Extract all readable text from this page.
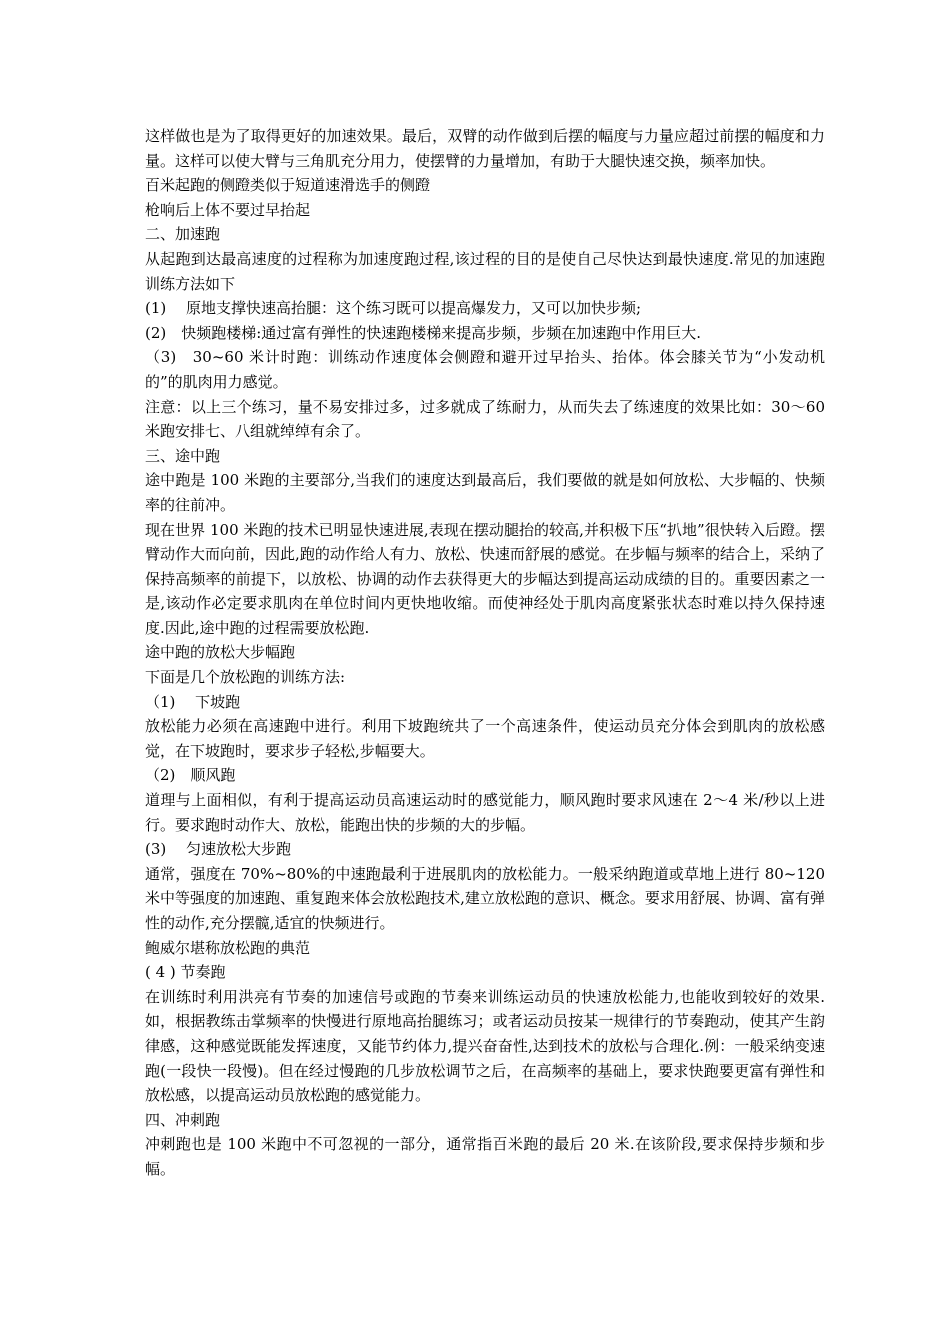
这样做也是为了取得更好的加速效果。最后，双臂的动作做到后摆的幅度与力量应超过前摆的幅度和力量。这样可以使大臂与三角肌充分用力，使摆臂的力量增加，有助于大腿快速交换，频率加快。

百米起跑的侧蹬类似于短道速滑选手的侧蹬

枪响后上体不要过早抬起

二、加速跑

从起跑到达最高速度的过程称为加速度跑过程,该过程的目的是使自己尽快达到最快速度.常见的加速跑训练方法如下

(1)　 原地支撑快速高抬腿：这个练习既可以提高爆发力，又可以加快步频;

(2)　快频跑楼梯:通过富有弹性的快速跑楼梯来提高步频，步频在加速跑中作用巨大.

（3)　30~60 米计时跑：训练动作速度体会侧蹬和避开过早抬头、抬体。体会膝关节为“小发动机的”的肌肉用力感觉。

注意：以上三个练习，量不易安排过多，过多就成了练耐力，从而失去了练速度的效果比如：30～60 米跑安排七、八组就绰绰有余了。

三、途中跑

途中跑是 100 米跑的主要部分,当我们的速度达到最高后，我们要做的就是如何放松、大步幅的、快频率的往前冲。

现在世界 100 米跑的技术已明显快速进展,表现在摆动腿抬的较高,并积极下压“扒地”很快转入后蹬。摆臂动作大而向前，因此,跑的动作给人有力、放松、快速而舒展的感觉。在步幅与频率的结合上，采纳了保持高频率的前提下，以放松、协调的动作去获得更大的步幅达到提高运动成绩的目的。重要因素之一是,该动作必定要求肌肉在单位时间内更快地收缩。而使神经处于肌肉高度紧张状态时难以持久保持速度.因此,途中跑的过程需要放松跑.

途中跑的放松大步幅跑

下面是几个放松跑的训练方法:

（1)　 下坡跑

放松能力必须在高速跑中进行。利用下坡跑统共了一个高速条件，使运动员充分体会到肌肉的放松感觉，在下坡跑时，要求步子轻松,步幅要大。

（2)　顺风跑

道理与上面相似，有利于提高运动员高速运动时的感觉能力，顺风跑时要求风速在 2～4 米/秒以上进行。要求跑时动作大、放松，能跑出快的步频的大的步幅。

(3)　 匀速放松大步跑

通常，强度在 70%~80%的中速跑最利于进展肌肉的放松能力。一般采纳跑道或草地上进行 80~120 米中等强度的加速跑、重复跑来体会放松跑技术,建立放松跑的意识、概念。要求用舒展、协调、富有弹性的动作,充分摆髋,适宜的快频进行。

鲍威尔堪称放松跑的典范

( 4 ) 节奏跑

在训练时利用洪亮有节奏的加速信号或跑的节奏来训练运动员的快速放松能力,也能收到较好的效果.如，根据教练击掌频率的快慢进行原地高抬腿练习；或者运动员按某一规律行的节奏跑动，使其产生韵律感，这种感觉既能发挥速度，又能节约体力,提兴奋奋性,达到技术的放松与合理化.例：一般采纳变速跑(一段快一段慢)。但在经过慢跑的几步放松调节之后，在高频率的基础上，要求快跑要更富有弹性和放松感，以提高运动员放松跑的感觉能力。

四、冲刺跑

冲刺跑也是 100 米跑中不可忽视的一部分，通常指百米跑的最后 20 米.在该阶段,要求保持步频和步幅。
